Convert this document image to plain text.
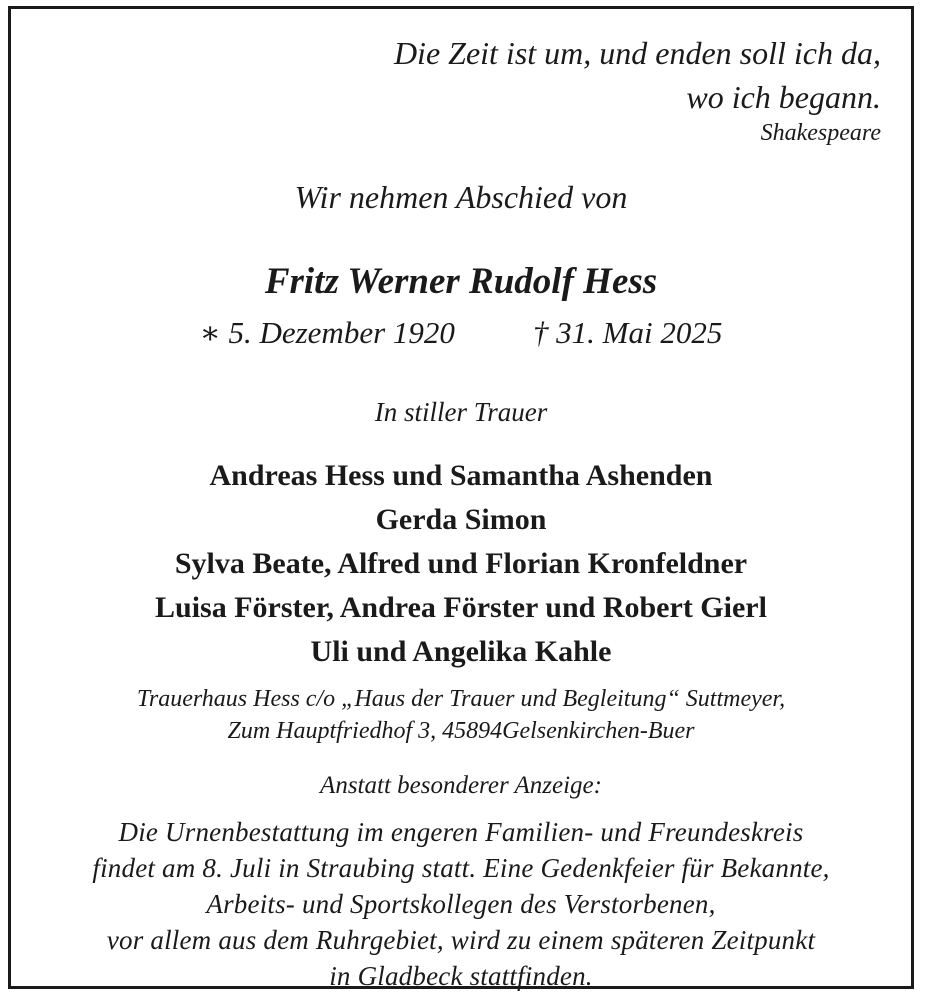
Die Zeit ist um, und enden soll ich da,
wo ich begann.
Shakespeare
Wir nehmen Abschied von
Fritz Werner Rudolf Hess
∗ 5. Dezember 1920	† 31. Mai 2025
In stiller Trauer
Andreas Hess und Samantha Ashenden
Gerda Simon
Sylva Beate, Alfred und Florian Kronfeldner
Luisa Förster, Andrea Förster und Robert Gierl
Uli und Angelika Kahle
Trauerhaus Hess c/o „Haus der Trauer und Begleitung“ Suttmeyer,
Zum Hauptfriedhof 3, 45894Gelsenkirchen-Buer
Anstatt besonderer Anzeige:
Die Urnenbestattung im engeren Familien- und Freundeskreis
findet am 8. Juli in Straubing statt. Eine Gedenkfeier für Bekannte,
Arbeits- und Sportskollegen des Verstorbenen,
vor allem aus dem Ruhrgebiet, wird zu einem späteren Zeitpunkt
in Gladbeck stattfinden.
